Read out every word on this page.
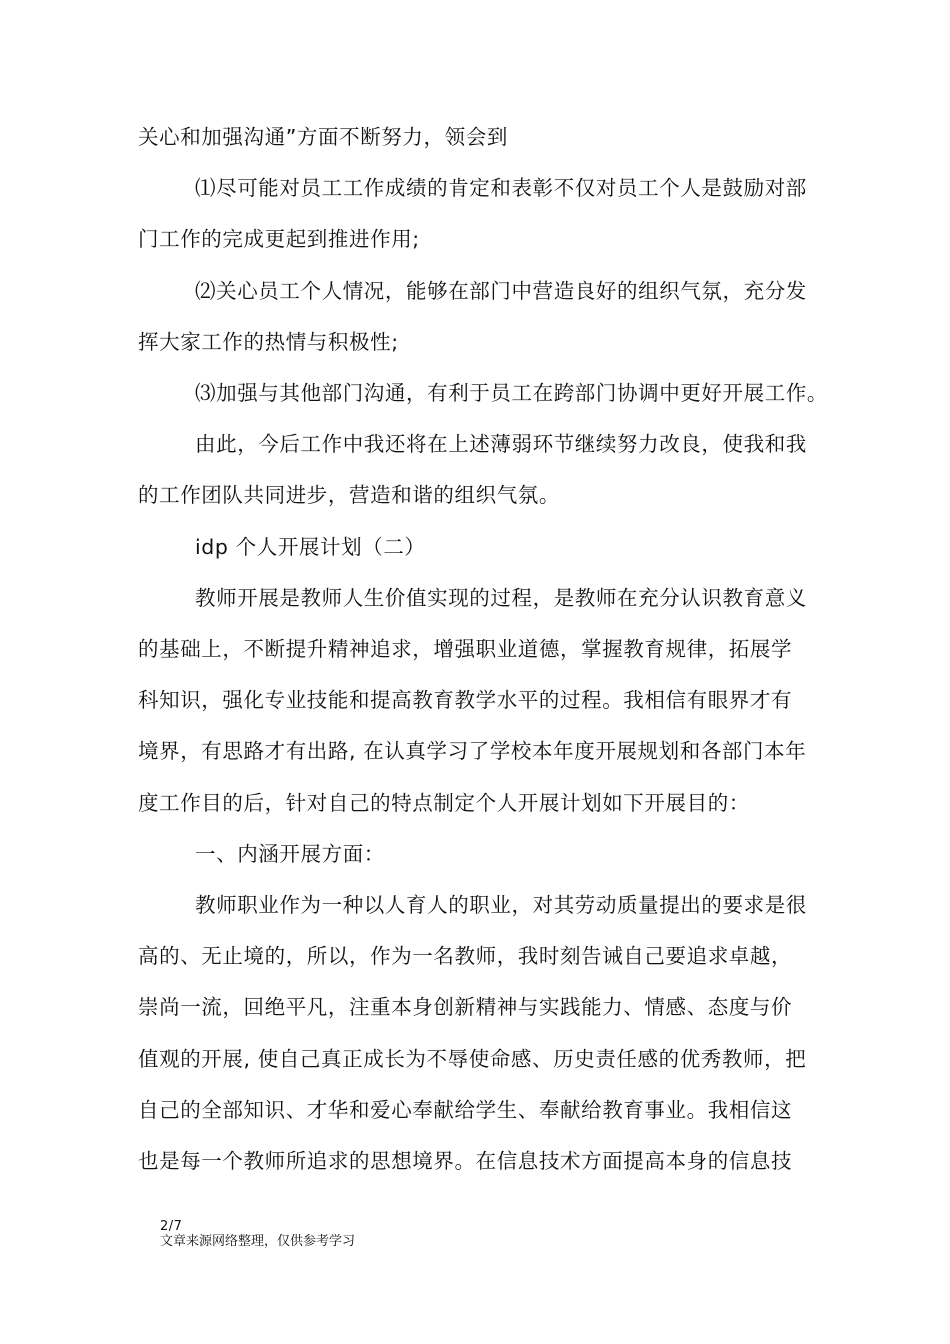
关心和加强沟通”方面不断努力，领会到

⑴尽可能对员工工作成绩的肯定和表彰不仅对员工个人是鼓励对部

门工作的完成更起到推进作用;

⑵关心员工个人情况，能够在部门中营造良好的组织气氛，充分发

挥大家工作的热情与积极性;

⑶加强与其他部门沟通，有利于员工在跨部门协调中更好开展工作。

由此，今后工作中我还将在上述薄弱环节继续努力改良，使我和我

的工作团队共同进步，营造和谐的组织气氛。

idp 个人开展计划（二）

教师开展是教师人生价值实现的过程，是教师在充分认识教育意义

的基础上，不断提升精神追求，增强职业道德，掌握教育规律，拓展学

科知识，强化专业技能和提高教育教学水平的过程。我相信有眼界才有

境界，有思路才有出路, 在认真学习了学校本年度开展规划和各部门本年

度工作目的后，针对自己的特点制定个人开展计划如下开展目的：

一、内涵开展方面：

教师职业作为一种以人育人的职业，对其劳动质量提出的要求是很

高的、无止境的，所以，作为一名教师，我时刻告诫自己要追求卓越，

崇尚一流，回绝平凡，注重本身创新精神与实践能力、情感、态度与价

值观的开展, 使自己真正成长为不辱使命感、历史责任感的优秀教师，把

自己的全部知识、才华和爱心奉献给学生、奉献给教育事业。我相信这

也是每一个教师所追求的思想境界。在信息技术方面提高本身的信息技

2/7
文章来源网络整理，仅供参考学习
